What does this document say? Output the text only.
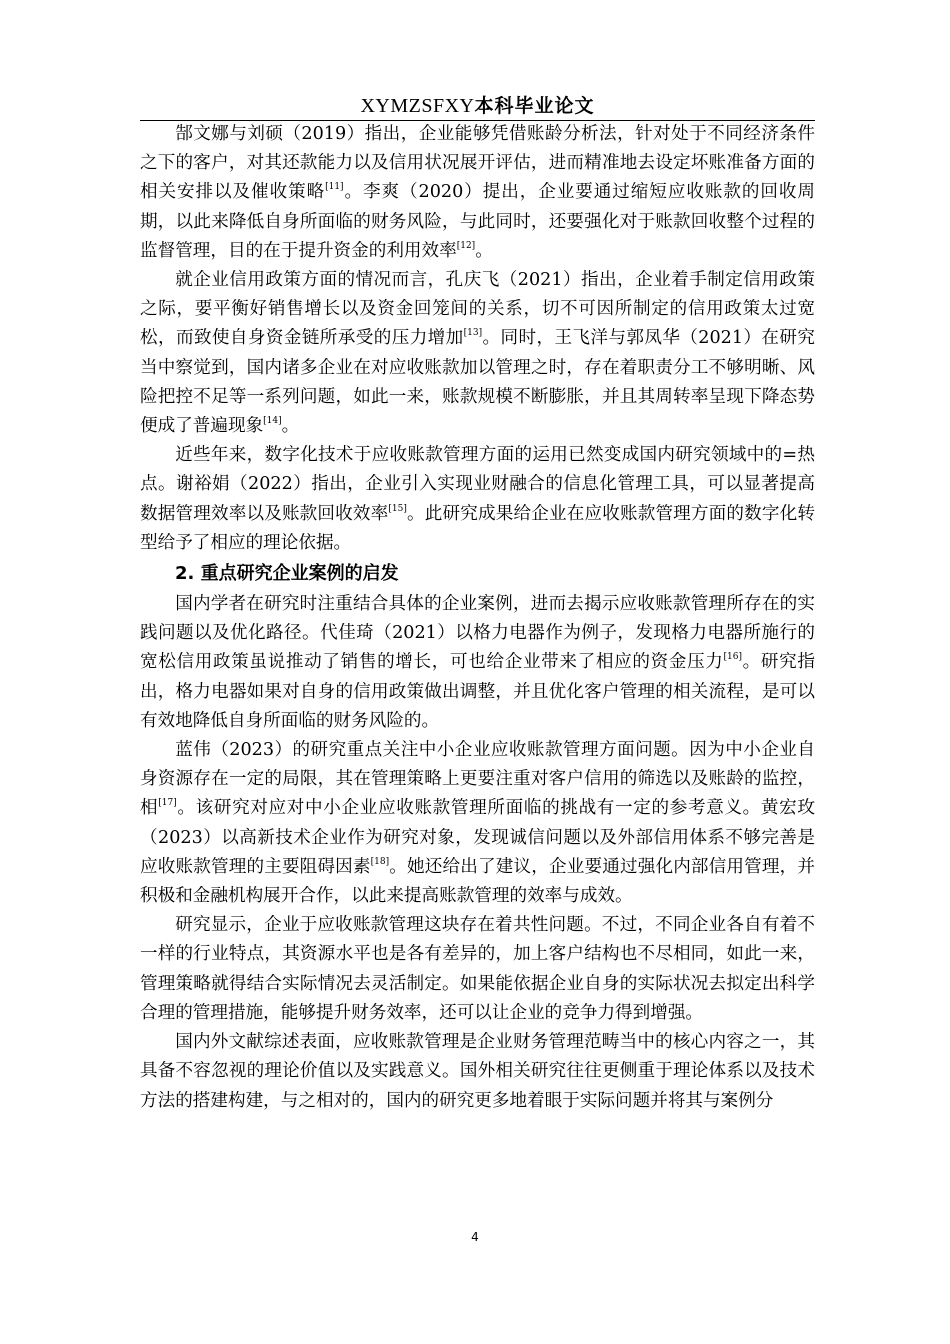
XYMZSFXY本科毕业论文

郜文娜与刘硕（2019）指出，企业能够凭借账龄分析法，针对处于不同经济条件之下的客户，对其还款能力以及信用状况展开评估，进而精准地去设定坏账准备方面的相关安排以及催收策略[11]。李爽（2020）提出，企业要通过缩短应收账款的回收周期，以此来降低自身所面临的财务风险，与此同时，还要强化对于账款回收整个过程的监督管理，目的在于提升资金的利用效率[12]。

就企业信用政策方面的情况而言，孔庆飞（2021）指出，企业着手制定信用政策之际，要平衡好销售增长以及资金回笼间的关系，切不可因所制定的信用政策太过宽松，而致使自身资金链所承受的压力增加[13]。同时，王飞洋与郭凤华（2021）在研究当中察觉到，国内诸多企业在对应收账款加以管理之时，存在着职责分工不够明晰、风险把控不足等一系列问题，如此一来，账款规模不断膨胀，并且其周转率呈现下降态势便成了普遍现象[14]。

近些年来，数字化技术于应收账款管理方面的运用已然变成国内研究领域中的=热点。谢裕娟（2022）指出，企业引入实现业财融合的信息化管理工具，可以显著提高数据管理效率以及账款回收效率[15]。此研究成果给企业在应收账款管理方面的数字化转型给予了相应的理论依据。

2. 重点研究企业案例的启发

国内学者在研究时注重结合具体的企业案例，进而去揭示应收账款管理所存在的实践问题以及优化路径。代佳琦（2021）以格力电器作为例子，发现格力电器所施行的宽松信用政策虽说推动了销售的增长，可也给企业带来了相应的资金压力[16]。研究指出，格力电器如果对自身的信用政策做出调整，并且优化客户管理的相关流程，是可以有效地降低自身所面临的财务风险的。

蓝伟（2023）的研究重点关注中小企业应收账款管理方面问题。因为中小企业自身资源存在一定的局限，其在管理策略上更要注重对客户信用的筛选以及账龄的监控，相[17]。该研究对应对中小企业应收账款管理所面临的挑战有一定的参考意义。黄宏玫（2023）以高新技术企业作为研究对象，发现诚信问题以及外部信用体系不够完善是应收账款管理的主要阻碍因素[18]。她还给出了建议，企业要通过强化内部信用管理，并积极和金融机构展开合作，以此来提高账款管理的效率与成效。

研究显示，企业于应收账款管理这块存在着共性问题。不过，不同企业各自有着不一样的行业特点，其资源水平也是各有差异的，加上客户结构也不尽相同，如此一来，管理策略就得结合实际情况去灵活制定。如果能依据企业自身的实际状况去拟定出科学合理的管理措施，能够提升财务效率，还可以让企业的竞争力得到增强。

国内外文献综述表面，应收账款管理是企业财务管理范畴当中的核心内容之一，其具备不容忽视的理论价值以及实践意义。国外相关研究往往更侧重于理论体系以及技术方法的搭建构建，与之相对的，国内的研究更多地着眼于实际问题并将其与案例分

4
